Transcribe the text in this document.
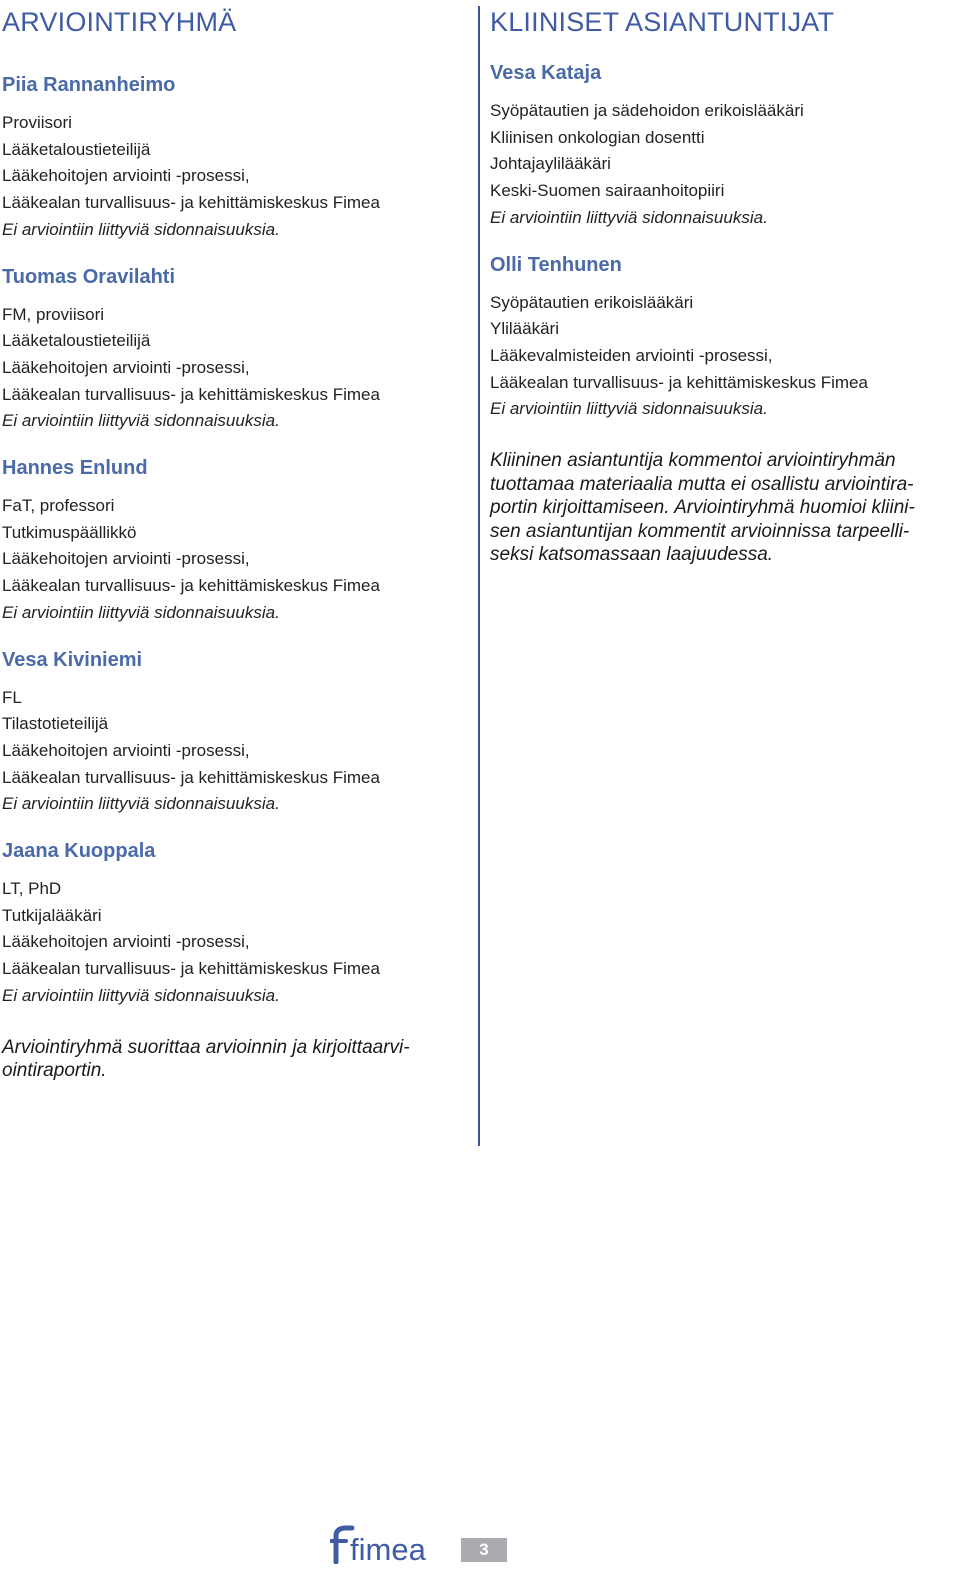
ARVIOINTIRYHMÄ
Piia Rannanheimo
Proviisori
Lääketaloustieteilijä
Lääkehoitojen arviointi -prosessi,
Lääkealan turvallisuus- ja kehittämiskeskus Fimea
Ei arviointiin liittyviä sidonnaisuuksia.
Tuomas Oravilahti
FM, proviisori
Lääketaloustieteilijä
Lääkehoitojen arviointi -prosessi,
Lääkealan turvallisuus- ja kehittämiskeskus Fimea
Ei arviointiin liittyviä sidonnaisuuksia.
Hannes Enlund
FaT, professori
Tutkimuspäällikkö
Lääkehoitojen arviointi -prosessi,
Lääkealan turvallisuus- ja kehittämiskeskus Fimea
Ei arviointiin liittyviä sidonnaisuuksia.
Vesa Kiviniemi
FL
Tilastotieteilijä
Lääkehoitojen arviointi -prosessi,
Lääkealan turvallisuus- ja kehittämiskeskus Fimea
Ei arviointiin liittyviä sidonnaisuuksia.
Jaana Kuoppala
LT, PhD
Tutkijalääkäri
Lääkehoitojen arviointi -prosessi,
Lääkealan turvallisuus- ja kehittämiskeskus Fimea
Ei arviointiin liittyviä sidonnaisuuksia.

Arviointiryhmä suorittaa arvioinnin ja kirjoittaarvi-

ointiraportin.

KLIINISET ASIANTUNTIJAT
Vesa Kataja
Syöpätautien ja sädehoidon erikoislääkäri
Kliinisen onkologian dosentti
Johtajaylilääkäri
Keski-Suomen sairaanhoitopiiri
Ei arviointiin liittyviä sidonnaisuuksia.
Olli Tenhunen
Syöpätautien erikoislääkäri
Ylilääkäri
Lääkevalmisteiden arviointi -prosessi,
Lääkealan turvallisuus- ja kehittämiskeskus Fimea
Ei arviointiin liittyviä sidonnaisuuksia.

Kliininen asiantuntija kommentoi arviointiryhmän

tuottamaa materiaalia mutta ei osallistu arviointira-

portin kirjoittamiseen. Arviointiryhmä huomioi kliini-

sen asiantuntijan kommentit arvioinnissa tarpeelli-

seksi katsomassaan laajuudessa.

fimea	3
